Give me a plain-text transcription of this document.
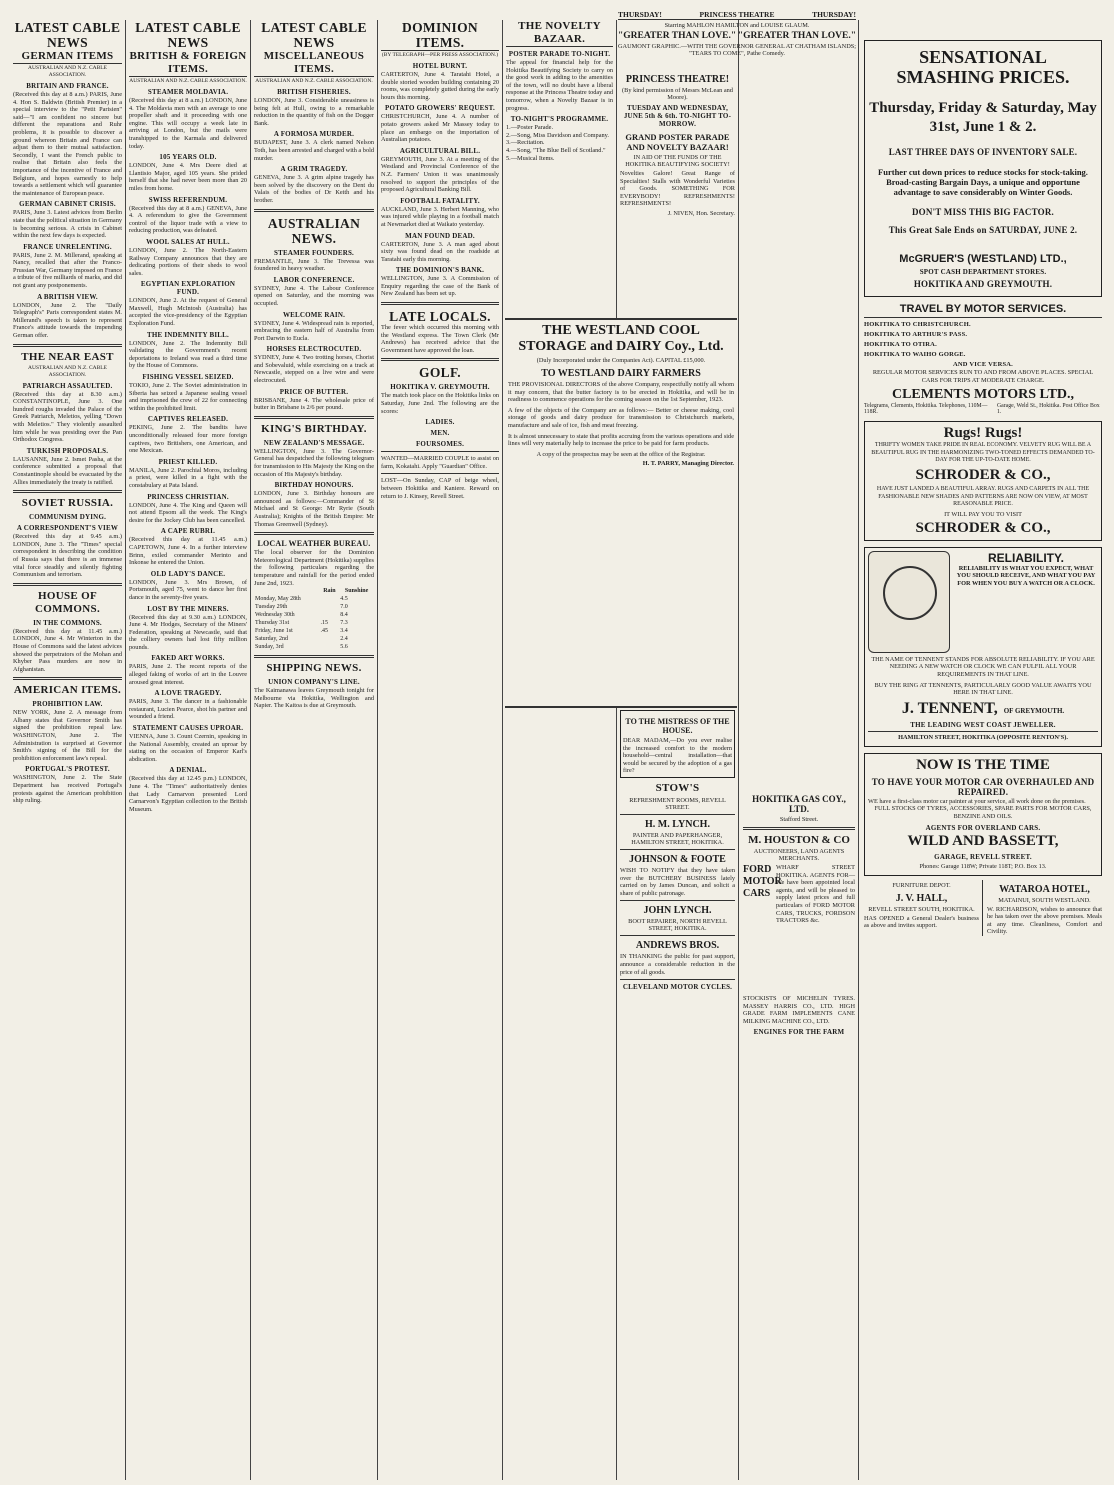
THURSDAY!	PRINCESS THEATRE	THURSDAY!
Starring MAHLON HAMILTON and LOUISE GLAUM.
"GREATER THAN LOVE." "GREATER THAN LOVE."
GAUMONT GRAPHIC.—WITH THE GOVERNOR GENERAL AT CHATHAM ISLANDS; "TEARS TO COME", Pathe Comedy.
LATEST CABLE NEWS
GERMAN ITEMS
AUSTRALIAN AND N.Z. CABLE ASSOCIATION.
BRITAIN AND FRANCE.

(Received this day at 8 a.m.) PARIS, June 4. Hon S. Baldwin (British Premier) in a special interview to the "Petit Parisien" said—"I am confident no sincere but different the reparations and Ruhr problems, it is possible to discover a ground whereon Britain and France can adjust them to their mutual satisfaction. Secondly, I want the French public to realise that Britain also feels the importance of the incentive of France and Belgium, and hopes earnestly to help towards a settlement which will guarantee the maintenance of European peace.

GERMAN CABINET CRISIS.

PARIS, June 3. Latest advices from Berlin state that the political situation in Germany is becoming serious. A crisis in Cabinet within the next few days is expected.

FRANCE UNRELENTING.

PARIS, June 2. M. Millerand, speaking at Nancy, recalled that after the Franco-Prussian War, Germany imposed on France a tribute of five milliards of marks, and did not grant any postponements.

A BRITISH VIEW.

LONDON, June 2. The "Daily Telegraph's" Paris correspondent states M. Millerand's speech is taken to represent France's attitude towards the impending German offer.

THE NEAR EAST
AUSTRALIAN AND N.Z. CABLE ASSOCIATION.
PATRIARCH ASSAULTED.

(Received this day at 8.30 a.m.) CONSTANTINOPLE, June 3. One hundred roughs invaded the Palace of the Greek Patriarch, Meletios, yelling "Down with Meletios." They violently assaulted him while he was presiding over the Pan Orthodox Congress.

TURKISH PROPOSALS.

LAUSANNE, June 2. Ismet Pasha, at the conference submitted a proposal that Constantinople should be evacuated by the Allies immediately the treaty is ratified.

SOVIET RUSSIA.
COMMUNISM DYING.
A CORRESPONDENT'S VIEW

(Received this day at 9.45 a.m.) LONDON, June 3. The "Times" special correspondent in describing the condition of Russia says that there is an immense vital force steadily and silently fighting Communism and terrorism.

HOUSE OF COMMONS.
IN THE COMMONS.

(Received this day at 11.45 a.m.) LONDON, June 4. Mr Winterton in the House of Commons said the latest advices showed the perpetrators of the Mohan and Khyber Pass murders are now in Afghanistan.

AMERICAN ITEMS.
PROHIBITION LAW.

NEW YORK, June 2. A message from Albany states that Governor Smith has signed the prohibition repeal law. WASHINGTON, June 2. The Administration is surprised at Governor Smith's signing of the Bill for the prohibition enforcement law's repeal.

PORTUGAL'S PROTEST.

WASHINGTON, June 2. The State Department has received Portugal's protests against the American prohibition ship ruling.

LATEST CABLE NEWS
BRITISH & FOREIGN ITEMS.
AUSTRALIAN AND N.Z. CABLE ASSOCIATION.
STEAMER MOLDAVIA.

(Received this day at 8 a.m.) LONDON, June 4. The Moldavia men with an average to one propeller shaft and it proceeding with one engine. This will occupy a week late in arriving at London, but the mails were transhipped to the Karmala and delivered today.

105 YEARS OLD.

LONDON, June 4. Mrs Deere died at Llantisio Major, aged 105 years. She prided herself that she had never been more than 20 miles from home.

SWISS REFERENDUM.

(Received this day at 8 a.m.) GENEVA, June 4. A referendum to give the Government control of the liquor trade with a view to reducing production, was defeated.

WOOL SALES AT HULL.

LONDON, June 2. The North-Eastern Railway Company announces that they are dedicating portions of their sheds to wool sales.

EGYPTIAN EXPLORATION FUND.

LONDON, June 2. At the request of General Maxwell, Hugh McIntosh (Australia) has accepted the vice-presidency of the Egyptian Exploration Fund.

THE INDEMNITY BILL.

LONDON, June 2. The Indemnity Bill validating the Government's recent deportations to Ireland was read a third time by the House of Commons.

FISHING VESSEL SEIZED.

TOKIO, June 2. The Soviet administration in Siberia has seized a Japanese sealing vessel and imprisoned the crew of 22 for connecting within the prohibited limit.

CAPTIVES RELEASED.

PEKING, June 2. The bandits have unconditionally released four more foreign captives, two Britishers, one American, and one Mexican.

PRIEST KILLED.

MANILA, June 2. Parochial Moros, including a priest, were killed in a fight with the constabulary at Pata Island.

PRINCESS CHRISTIAN.

LONDON, June 4. The King and Queen will not attend Epsom all the week. The King's desire for the Jockey Club has been cancelled.

A CAPE RUBRI.

(Received this day at 11.45 a.m.) CAPETOWN, June 4. In a further interview Brinn, exiled commander Merinto and Inkonse he entered the Union.

OLD LADY'S DANCE.

LONDON, June 3. Mrs Brown, of Portsmouth, aged 75, went to dance her first dance in the seventy-five years.

LOST BY THE MINERS.

(Received this day at 9.30 a.m.) LONDON, June 4. Mr Hodges, Secretary of the Miners' Federation, speaking at Newcastle, said that the colliery owners had lost fifty million pounds.

FAKED ART WORKS.

PARIS, June 2. The recent reports of the alleged faking of works of art in the Louvre aroused great interest.

A LOVE TRAGEDY.

PARIS, June 3. The dancer in a fashionable restaurant, Lucien Pearce, shot his partner and wounded a friend.

STATEMENT CAUSES UPROAR.

VIENNA, June 3. Count Czernin, speaking in the National Assembly, created an uproar by stating on the occasion of Emperor Karl's abdication.

A DENIAL.

(Received this day at 12.45 p.m.) LONDON, June 4. The "Times" authoritatively denies that Lady Carnarvon presented Lord Carnarvon's Egyptian collection to the British Museum.

LATEST CABLE NEWS
MISCELLANEOUS ITEMS.
AUSTRALIAN AND N.Z. CABLE ASSOCIATION.
BRITISH FISHERIES.

LONDON, June 3. Considerable uneasiness is being felt at Hull, owing to a remarkable reduction in the quantity of fish on the Dogger Bank.

A FORMOSA MURDER.

BUDAPEST, June 3. A clerk named Nelson Toth, has been arrested and charged with a bold murder.

A GRIM TRAGEDY.

GENEVA, June 3. A grim alpine tragedy has been solved by the discovery on the Dent du Valais of the bodies of Dr Keith and his brother.

AUSTRALIAN NEWS.
STEAMER FOUNDERS.

FREMANTLE, June 3. The Trevessa was foundered in heavy weather.

LABOR CONFERENCE.

SYDNEY, June 4. The Labour Conference opened on Saturday, and the morning was occupied.

WELCOME RAIN.

SYDNEY, June 4. Widespread rain is reported, embracing the eastern half of Australia from Port Darwin to Eucla.

HORSES ELECTROCUTED.

SYDNEY, June 4. Two trotting horses, Chorist and Sobevaluid, while exercising on a track at Newcastle, stepped on a live wire and were electrocuted.

PRICE OF BUTTER.

BRISBANE, June 4. The wholesale price of butter in Brisbane is 2/6 per pound.

KING'S BIRTHDAY.
NEW ZEALAND'S MESSAGE.

WELLINGTON, June 3. The Governor-General has despatched the following telegram for transmission to His Majesty the King on the occasion of His Majesty's birthday.

BIRTHDAY HONOURS.

LONDON, June 3. Birthday honours are announced as follows:—Commander of St Michael and St George: Mr Ryrie (South Australia); Knights of the British Empire: Mr Thomas Greenwell (Sydney).

LOCAL WEATHER BUREAU.

The local observer for the Dominion Meteorological Department (Hokitika) supplies the following particulars regarding the temperature and rainfall for the period ended June 2nd, 1923.

	Rain	Sunshine
Monday, May 28th		4.5
Tuesday 29th		7.0
Wednesday 30th		8.4
Thursday 31st	.15	7.3
Friday, June 1st	.45	3.4
Saturday, 2nd		2.4
Sunday, 3rd		5.6
SHIPPING NEWS.
UNION COMPANY'S LINE.

The Kaimanawa leaves Greymouth tonight for Melbourne via Hokitika, Wellington and Napier. The Kaitoa is due at Greymouth.

DOMINION ITEMS.
(BY TELEGRAPH—PER PRESS ASSOCIATION.)
HOTEL BURNT.

CARTERTON, June 4. Taratahi Hotel, a double storied wooden building containing 20 rooms, was completely gutted during the early hours this morning.

POTATO GROWERS' REQUEST.

CHRISTCHURCH, June 4. A number of potato growers asked Mr Massey today to place an embargo on the importation of Australian potatoes.

AGRICULTURAL BILL.

GREYMOUTH, June 3. At a meeting of the Westland and Provincial Conference of the N.Z. Farmers' Union it was unanimously resolved to support the principles of the proposed Agricultural Banking Bill.

FOOTBALL FATALITY.

AUCKLAND, June 3. Herbert Manning, who was injured while playing in a football match at Newmarket died at Waikato yesterday.

MAN FOUND DEAD.

CARTERTON, June 3. A man aged about sixty was found dead on the roadside at Taratahi early this morning.

THE DOMINION'S BANK.

WELLINGTON, June 3. A Commission of Enquiry regarding the case of the Bank of New Zealand has been set up.

LATE LOCALS.

The fever which occurred this morning with the Westland express. The Town Clerk (Mr Andrews) has received advice that the Government have approved the loan.

GOLF.
HOKITIKA V. GREYMOUTH.

The match took place on the Hokitika links on Saturday, June 2nd. The following are the scores:

LADIES.
MEN.
FOURSOMES.

WANTED—MARRIED COUPLE to assist on farm, Kokatahi. Apply "Guardian" Office.

LOST—On Sunday, CAP of beige wheel, between Hokitika and Kaniere. Reward on return to J. Kinsey, Revell Street.

THE NOVELTY BAZAAR.
POSTER PARADE TO-NIGHT.

The appeal for financial help for the Hokitika Beautifying Society to carry on the good work in adding to the amenities of the town, will no doubt have a liberal response at the Princess Theatre today and tomorrow, when a Novelty Bazaar is in progress.

TO-NIGHT'S PROGRAMME.

1.—Poster Parade.

2.—Song, Miss Davidson and Company.

3.—Recitation.

4.—Song, "The Blue Bell of Scotland."

5.—Musical Items.

THE WESTLAND COOL STORAGE and DAIRY Coy., Ltd.
(Duly Incorporated under the Companies Act). CAPITAL £15,000.
TO WESTLAND DAIRY FARMERS

THE PROVISIONAL DIRECTORS of the above Company, respectfully notify all whom it may concern, that the butter factory is to be erected in Hokitika, and will be in readiness to commence operations for the coming season on the 1st September, 1923.

A few of the objects of the Company are as follows:— Better or cheese making, cool storage of goods and dairy produce for transmission to Christchurch markets, manufacture and sale of ice, fish and meat freezing.

It is almost unnecessary to state that profits accruing from the various operations and side lines will very materially help to increase the price to be paid for farm products.

A copy of the prospectus may be seen at the office of the Registrar.

H. T. PARRY, Managing Director.
PRINCESS THEATRE!
(By kind permission of Messrs McLean and Moore).
TUESDAY AND WEDNESDAY, JUNE 5th & 6th. TO-NIGHT TO-MORROW.
GRAND POSTER PARADE AND NOVELTY BAZAAR!
IN AID OF THE FUNDS OF THE HOKITIKA BEAUTIFYING SOCIETY!

Novelties Galore! Great Range of Specialties! Stalls with Wonderful Varieties of Goods. SOMETHING FOR EVERYBODY! REFRESHMENTS! REFRESHMENTS!

J. NIVEN, Hon. Secretary.
TO THE MISTRESS OF THE HOUSE.

DEAR MADAM,—Do you ever realise the increased comfort to the modern household—central installation—that would be secured by the adoption of a gas fire?

STOW'S
REFRESHMENT ROOMS, REVELL STREET.
H. M. LYNCH.
PAINTER AND PAPERHANGER, HAMILTON STREET, HOKITIKA.
JOHNSON & FOOTE

WISH TO NOTIFY that they have taken over the BUTCHERY BUSINESS lately carried on by James Duncan, and solicit a share of public patronage.

JOHN LYNCH.
BOOT REPAIRER, NORTH REVELL STREET, HOKITIKA.
ANDREWS BROS.

IN THANKING the public for past support, announce a considerable reduction in the price of all goods.

CLEVELAND MOTOR CYCLES.
HOKITIKA GAS COY., LTD.
Stafford Street.
M. HOUSTON & CO
AUCTIONEERS, LAND AGENTS MERCHANTS.
FORD MOTOR CARS

WHARF STREET HOKITIKA. AGENTS FOR— We have been appointed local agents, and will be pleased to supply latest prices and full particulars of FORD MOTOR CARS, TRUCKS, FORDSON TRACTORS &c.

STOCKISTS OF MICHELIN TYRES. MASSEY HARRIS CO., LTD. HIGH GRADE FARM IMPLEMENTS CANE MILKING MACHINE CO., LTD.

ENGINES FOR THE FARM
SENSATIONAL SMASHING PRICES.
Thursday, Friday & Saturday, May 31st, June 1 & 2.
LAST THREE DAYS OF INVENTORY SALE.

Further cut down prices to reduce stocks for stock-taking. Broad-casting Bargain Days, a unique and opportune advantage to save considerably on Winter Goods.

DON'T MISS THIS BIG FACTOR.
This Great Sale Ends on SATURDAY, JUNE 2.
McGRUER'S (WESTLAND) LTD.,
SPOT CASH DEPARTMENT STORES.
HOKITIKA AND GREYMOUTH.
TRAVEL BY MOTOR SERVICES.
HOKITIKA TO CHRISTCHURCH.
HOKITIKA TO ARTHUR'S PASS.
HOKITIKA TO OTIRA.
HOKITIKA TO WAIHO GORGE.
AND VICE VERSA.

REGULAR MOTOR SERVICES RUN TO AND FROM ABOVE PLACES. SPECIAL CARS FOR TRIPS AT MODERATE CHARGE.

CLEMENTS MOTORS LTD.,
Telegrams, Clements, Hokitika. Telephones, 110M—118R.
Garage, Weld St., Hokitika. Post Office Box 1.
Rugs! Rugs!

THRIFTY WOMEN TAKE PRIDE IN REAL ECONOMY. VELVETY RUG WILL BE A BEAUTIFUL RUG IN THE HARMONIZING TWO-TONED EFFECTS DEMANDED TO-DAY FOR THE UP-TO-DATE HOME.

SCHRODER & CO.,

HAVE JUST LANDED A BEAUTIFUL ARRAY. RUGS AND CARPETS IN ALL THE FASHIONABLE NEW SHADES AND PATTERNS ARE NOW ON VIEW, AT MOST REASONABLE PRICE.

IT WILL PAY YOU TO VISIT
SCHRODER & CO.,
RELIABILITY.

RELIABILITY IS WHAT YOU EXPECT, WHAT YOU SHOULD RECEIVE, AND WHAT YOU PAY FOR WHEN YOU BUY A WATCH OR A CLOCK.

THE NAME OF TENNENT STANDS FOR ABSOLUTE RELIABILITY. IF YOU ARE NEEDING A NEW WATCH OR CLOCK WE CAN FULFIL ALL YOUR REQUIREMENTS IN THAT LINE.

BUY THE RING AT TENNENTS, PARTICULARLY GOOD VALUE AWAITS YOU HERE IN THAT LINE.

J. TENNENT, OF GREYMOUTH.
THE LEADING WEST COAST JEWELLER.
HAMILTON STREET, HOKITIKA (OPPOSITE RENTON'S).
NOW IS THE TIME
TO HAVE YOUR MOTOR CAR OVERHAULED AND REPAIRED.

WE have a first-class motor car painter at your service, all work done on the premises.

FULL STOCKS OF TYRES, ACCESSORIES, SPARE PARTS FOR MOTOR CARS, BENZINE AND OILS.

AGENTS FOR OVERLAND CARS.
WILD AND BASSETT,
GARAGE, REVELL STREET.
Phones: Garage 118W; Private 118T; P.O. Box 13.
FURNITURE DEPOT.
J. V. HALL,
REVELL STREET SOUTH, HOKITIKA.

HAS OPENED a General Dealer's business as above and invites support.

WATAROA HOTEL,
MATAINUI, SOUTH WESTLAND.

W. RICHARDSON, wishes to announce that he has taken over the above premises. Meals at any time. Cleanliness, Comfort and Civility.
